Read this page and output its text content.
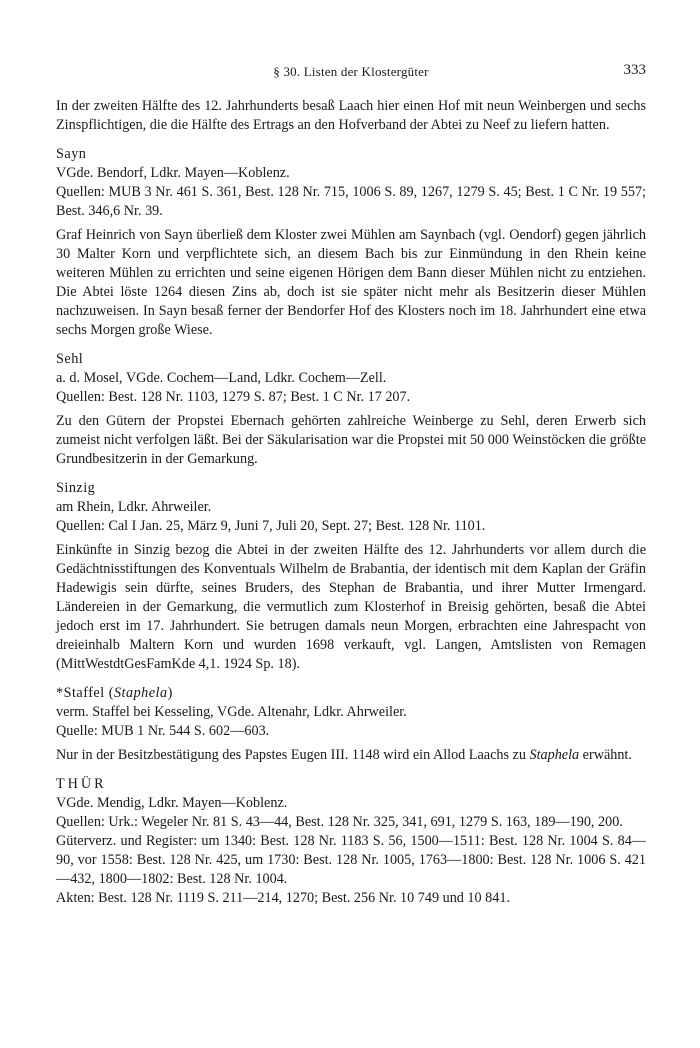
§ 30. Listen der Klostergüter	333

In der zweiten Hälfte des 12. Jahrhunderts besaß Laach hier einen Hof mit neun Weinbergen und sechs Zinspflichtigen, die die Hälfte des Ertrags an den Hofverband der Abtei zu Neef zu liefern hatten.

Sayn

VGde. Bendorf, Ldkr. Mayen—Koblenz.

Quellen: MUB 3 Nr. 461 S. 361, Best. 128 Nr. 715, 1006 S. 89, 1267, 1279 S. 45; Best. 1 C Nr. 19 557; Best. 346,6 Nr. 39.

Graf Heinrich von Sayn überließ dem Kloster zwei Mühlen am Saynbach (vgl. Oendorf) gegen jährlich 30 Malter Korn und verpflichtete sich, an diesem Bach bis zur Einmündung in den Rhein keine weiteren Mühlen zu errichten und seine eigenen Hörigen dem Bann dieser Mühlen nicht zu entziehen. Die Abtei löste 1264 diesen Zins ab, doch ist sie später nicht mehr als Besitzerin dieser Mühlen nachzuweisen. In Sayn besaß ferner der Bendorfer Hof des Klosters noch im 18. Jahrhundert eine etwa sechs Morgen große Wiese.

Sehl

a. d. Mosel, VGde. Cochem—Land, Ldkr. Cochem—Zell.

Quellen: Best. 128 Nr. 1103, 1279 S. 87; Best. 1 C Nr. 17 207.

Zu den Gütern der Propstei Ebernach gehörten zahlreiche Weinberge zu Sehl, deren Erwerb sich zumeist nicht verfolgen läßt. Bei der Säkularisation war die Propstei mit 50 000 Weinstöcken die größte Grundbesitzerin in der Gemarkung.

Sinzig

am Rhein, Ldkr. Ahrweiler.

Quellen: Cal I Jan. 25, März 9, Juni 7, Juli 20, Sept. 27; Best. 128 Nr. 1101.

Einkünfte in Sinzig bezog die Abtei in der zweiten Hälfte des 12. Jahrhunderts vor allem durch die Gedächtnisstiftungen des Konventuals Wilhelm de Brabantia, der identisch mit dem Kaplan der Gräfin Hadewigis sein dürfte, seines Bruders, des Stephan de Brabantia, und ihrer Mutter Irmengard. Ländereien in der Gemarkung, die vermutlich zum Klosterhof in Breisig gehörten, besaß die Abtei jedoch erst im 17. Jahrhundert. Sie betrugen damals neun Morgen, erbrachten eine Jahrespacht von dreieinhalb Maltern Korn und wurden 1698 verkauft, vgl. Langen, Amtslisten von Remagen (MittWestdtGesFamKde 4,1. 1924 Sp. 18).

*Staffel (Staphela)

verm. Staffel bei Kesseling, VGde. Altenahr, Ldkr. Ahrweiler.

Quelle: MUB 1 Nr. 544 S. 602—603.

Nur in der Besitzbestätigung des Papstes Eugen III. 1148 wird ein Allod Laachs zu Staphela erwähnt.

THÜR

VGde. Mendig, Ldkr. Mayen—Koblenz.

Quellen: Urk.: Wegeler Nr. 81 S. 43—44, Best. 128 Nr. 325, 341, 691, 1279 S. 163, 189—190, 200.

Güterverz. und Register: um 1340: Best. 128 Nr. 1183 S. 56, 1500—1511: Best. 128 Nr. 1004 S. 84—90, vor 1558: Best. 128 Nr. 425, um 1730: Best. 128 Nr. 1005, 1763—1800: Best. 128 Nr. 1006 S. 421—432, 1800—1802: Best. 128 Nr. 1004.

Akten: Best. 128 Nr. 1119 S. 211—214, 1270; Best. 256 Nr. 10 749 und 10 841.
